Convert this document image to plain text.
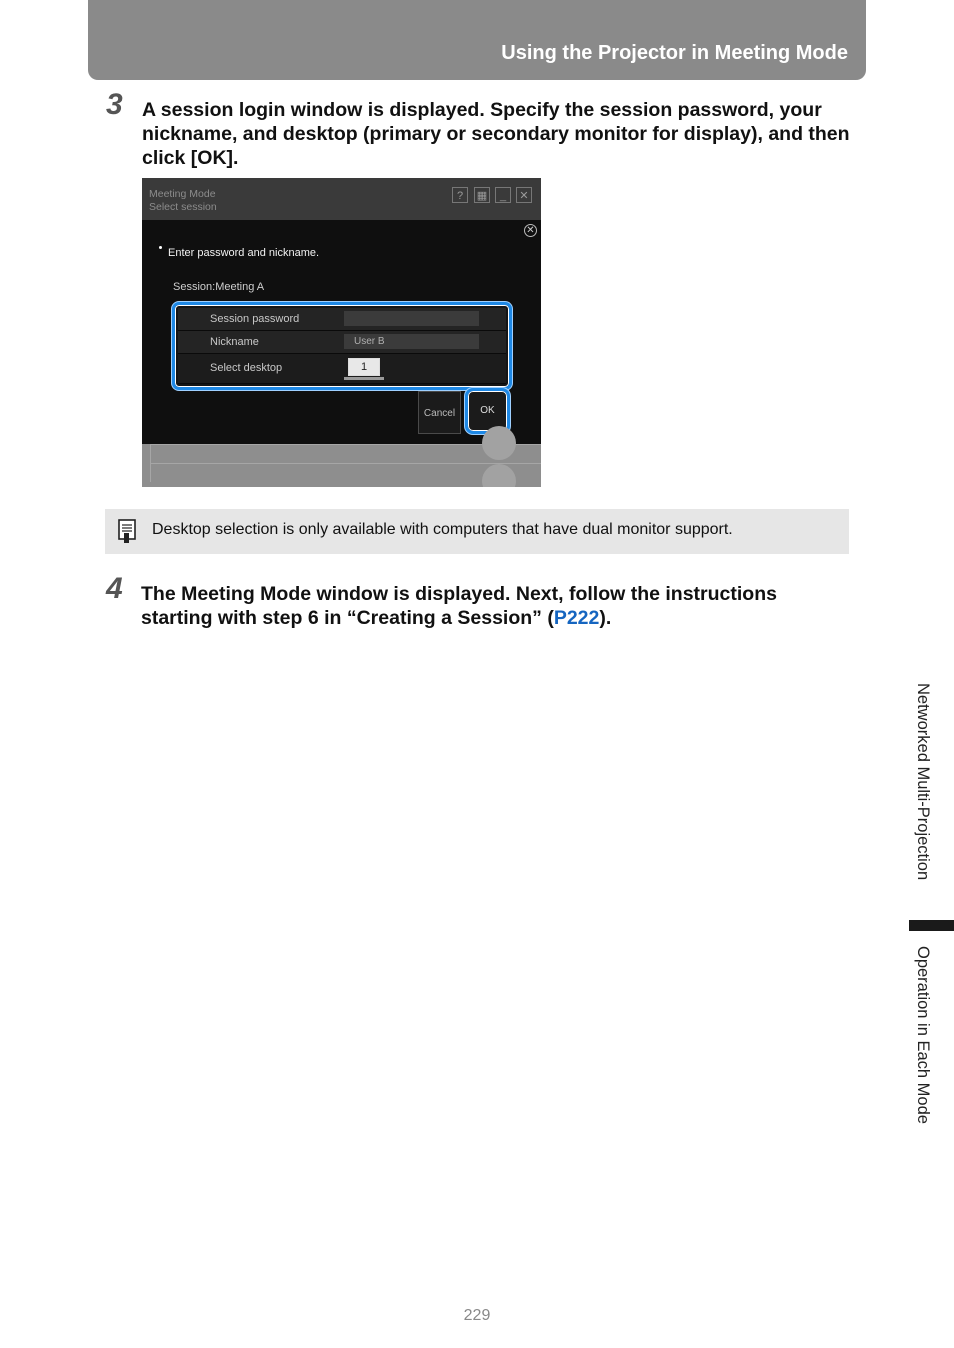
Using the Projector in Meeting Mode
3 A session login window is displayed. Specify the session password, your nickname, and desktop (primary or secondary monitor for display), and then click [OK].
Meeting Mode
Select session
?	▦	_	✕
✕
Enter password and nickname.
Session:Meeting A
Session password
Nickname	User B
Select desktop	1
Cancel	OK
Desktop selection is only available with computers that have dual monitor support.
4 The Meeting Mode window is displayed. Next, follow the instructions starting with step 6 in “Creating a Session” (P222).
Networked Multi-Projection
Operation in Each Mode
229
